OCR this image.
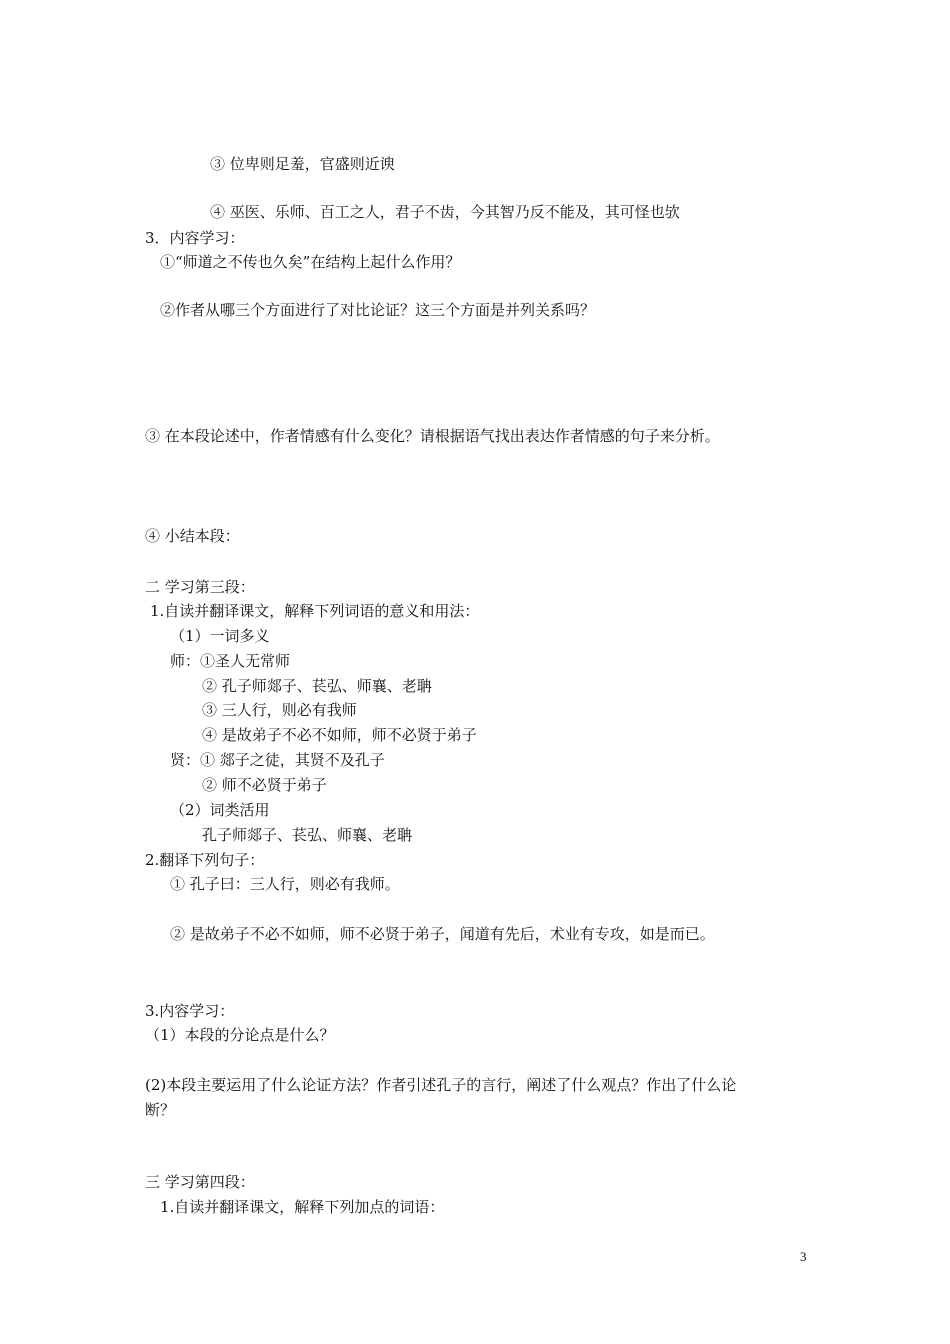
③ 位卑则足羞，官盛则近谀
④ 巫医、乐师、百工之人，君子不齿，今其智乃反不能及，其可怪也欤
3．内容学习：
①“师道之不传也久矣”在结构上起什么作用？
②作者从哪三个方面进行了对比论证？这三个方面是并列关系吗？
③ 在本段论述中，作者情感有什么变化？请根据语气找出表达作者情感的句子来分析。
④ 小结本段：
二 学习第三段：
1.自读并翻译课文，解释下列词语的意义和用法：
（1）一词多义
师：①圣人无常师
② 孔子师郯子、苌弘、师襄、老聃
③ 三人行，则必有我师
④ 是故弟子不必不如师，师不必贤于弟子
贤：① 郯子之徒，其贤不及孔子
② 师不必贤于弟子
（2）词类活用
孔子师郯子、苌弘、师襄、老聃
2.翻译下列句子：
① 孔子曰：三人行，则必有我师。
② 是故弟子不必不如师，师不必贤于弟子，闻道有先后，术业有专攻，如是而已。
3.内容学习：
（1）本段的分论点是什么？
(2)本段主要运用了什么论证方法？作者引述孔子的言行，阐述了什么观点？作出了什么论
断？
三 学习第四段：
1.自读并翻译课文，解释下列加点的词语：
3
